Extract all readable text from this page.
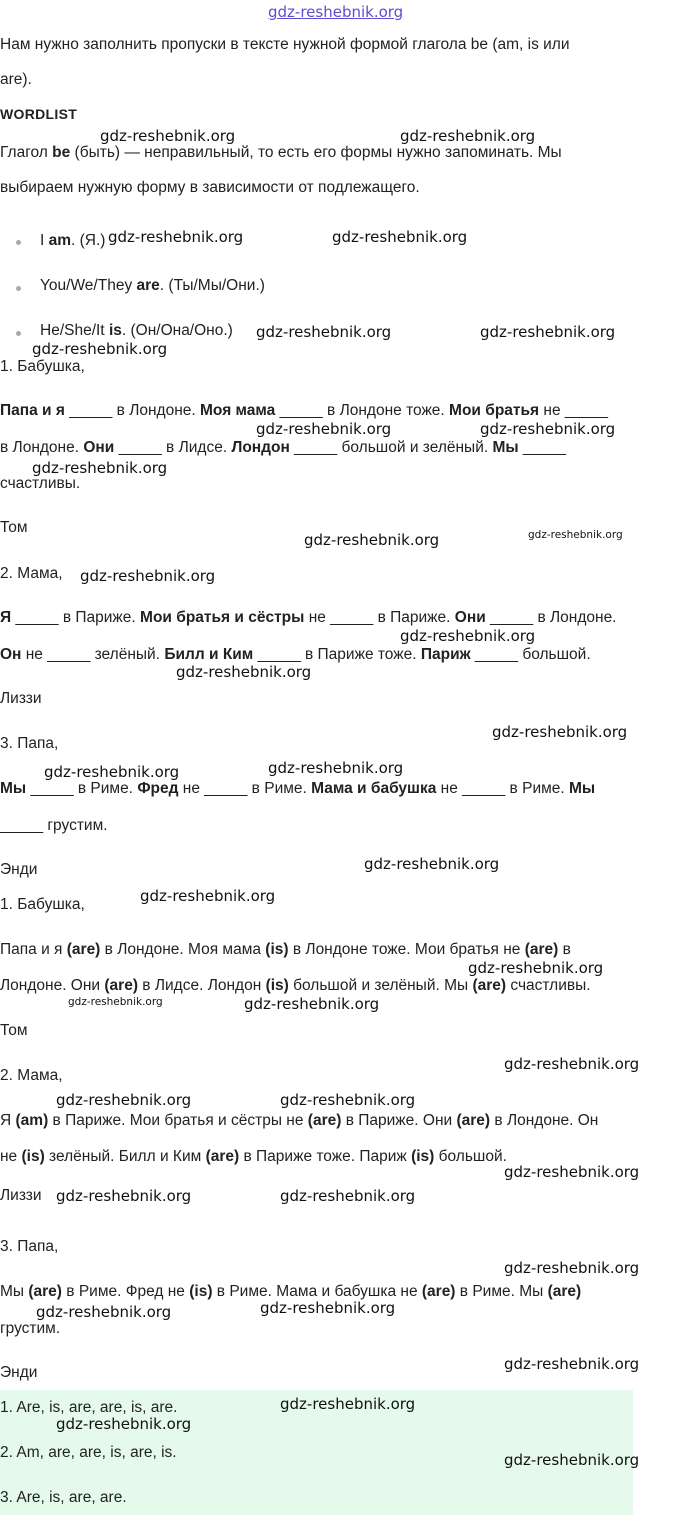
gdz-reshebnik.org
Нам нужно заполнить пропуски в тексте нужной формой глагола be (am, is или
are).
WORDLIST
Глагол be (быть) — неправильный, то есть его формы нужно запоминать. Мы
выбираем нужную форму в зависимости от подлежащего.
I am. (Я.)
You/We/They are. (Ты/Мы/Они.)
He/She/It is. (Он/Она/Оно.)
1. Бабушка,
Папа и я _____ в Лондоне. Моя мама _____ в Лондоне тоже. Мои братья не _____
в Лондоне. Они _____ в Лидсе. Лондон _____ большой и зелёный. Мы _____
счастливы.
Том
2. Мама,
Я _____ в Париже. Мои братья и сёстры не _____ в Париже. Они _____ в Лондоне.
Он не _____ зелёный. Билл и Ким _____ в Париже тоже. Париж _____ большой.
Лиззи
3. Папа,
Мы _____ в Риме. Фред не _____ в Риме. Мама и бабушка не _____ в Риме. Мы
_____ грустим.
Энди
1. Бабушка,
Папа и я (are) в Лондоне. Моя мама (is) в Лондоне тоже. Мои братья не (are) в
Лондоне. Они (are) в Лидсе. Лондон (is) большой и зелёный. Мы (are) счастливы.
Том
2. Мама,
Я (am) в Париже. Мои братья и сёстры не (are) в Париже. Они (are) в Лондоне. Он
не (is) зелёный. Билл и Ким (are) в Париже тоже. Париж (is) большой.
Лиззи
3. Папа,
Мы (are) в Риме. Фред не (is) в Риме. Мама и бабушка не (are) в Риме. Мы (are)
грустим.
Энди
1. Are, is, are, are, is, are.
2. Am, are, are, is, are, is.
3. Are, is, are, are.
gdz-reshebnik.org	gdz-reshebnik.org
gdz-reshebnik.org	gdz-reshebnik.org
gdz-reshebnik.org	gdz-reshebnik.org
gdz-reshebnik.org
gdz-reshebnik.org	gdz-reshebnik.org
gdz-reshebnik.org
gdz-reshebnik.org	gdz-reshebnik.org
gdz-reshebnik.org
gdz-reshebnik.org
gdz-reshebnik.org
gdz-reshebnik.org
gdz-reshebnik.org	gdz-reshebnik.org
gdz-reshebnik.org
gdz-reshebnik.org
gdz-reshebnik.org
gdz-reshebnik.org	gdz-reshebnik.org
gdz-reshebnik.org
gdz-reshebnik.org	gdz-reshebnik.org
gdz-reshebnik.org
gdz-reshebnik.org	gdz-reshebnik.org
gdz-reshebnik.org
gdz-reshebnik.org	gdz-reshebnik.org
gdz-reshebnik.org
gdz-reshebnik.org
gdz-reshebnik.org
gdz-reshebnik.org
